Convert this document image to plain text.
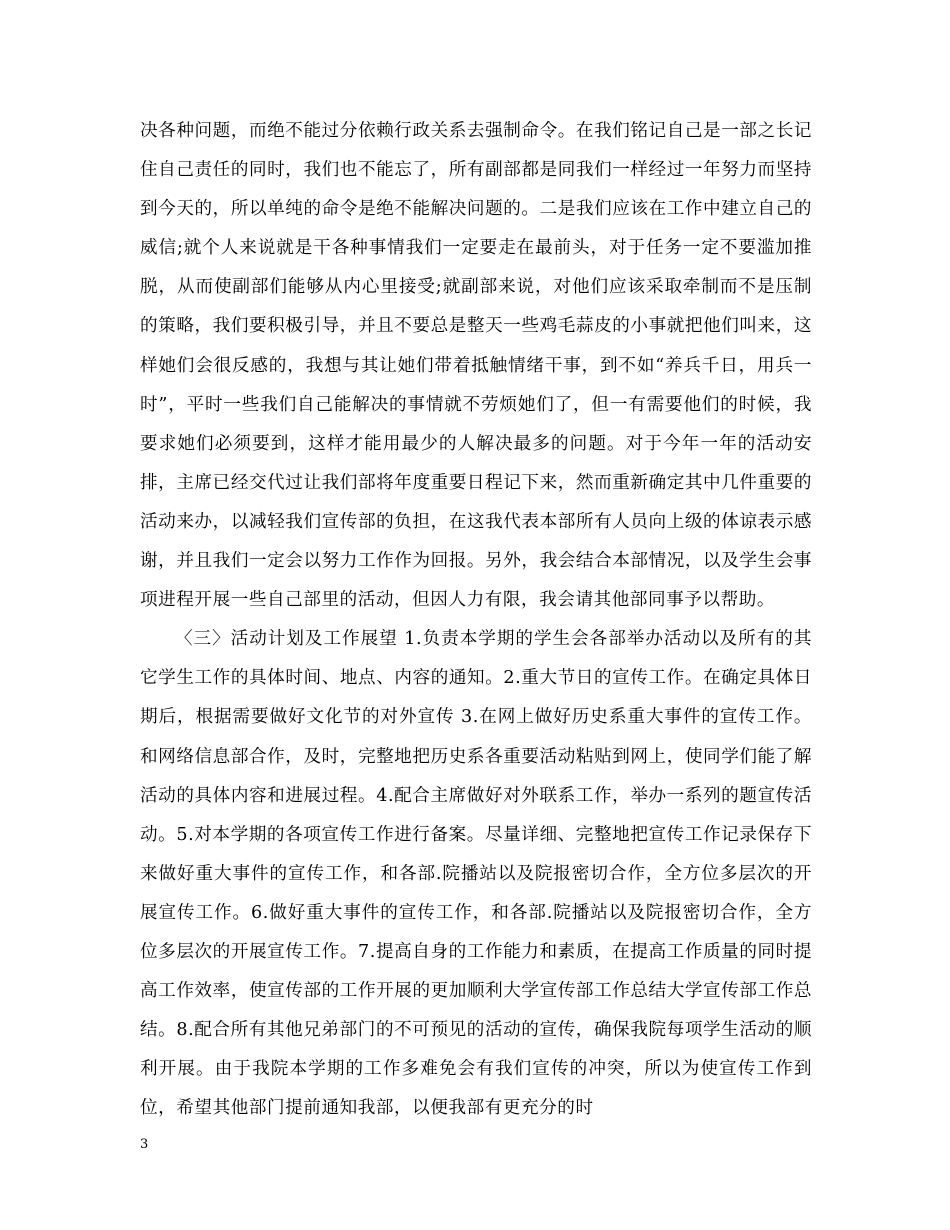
决各种问题，而绝不能过分依赖行政关系去强制命令。在我们铭记自己是一部之长记住自己责任的同时，我们也不能忘了，所有副部都是同我们一样经过一年努力而坚持到今天的，所以单纯的命令是绝不能解决问题的。二是我们应该在工作中建立自己的威信;就个人来说就是干各种事情我们一定要走在最前头，对于任务一定不要滥加推脱，从而使副部们能够从内心里接受;就副部来说，对他们应该采取牵制而不是压制的策略，我们要积极引导，并且不要总是整天一些鸡毛蒜皮的小事就把他们叫来，这样她们会很反感的，我想与其让她们带着抵触情绪干事，到不如“养兵千日，用兵一时”，平时一些我们自己能解决的事情就不劳烦她们了，但一有需要他们的时候，我要求她们必须要到，这样才能用最少的人解决最多的问题。对于今年一年的活动安排，主席已经交代过让我们部将年度重要日程记下来，然而重新确定其中几件重要的活动来办，以减轻我们宣传部的负担，在这我代表本部所有人员向上级的体谅表示感谢，并且我们一定会以努力工作作为回报。另外，我会结合本部情况，以及学生会事项进程开展一些自己部里的活动，但因人力有限，我会请其他部同事予以帮助。

〈三〉活动计划及工作展望 1.负责本学期的学生会各部举办活动以及所有的其它学生工作的具体时间、地点、内容的通知。2.重大节日的宣传工作。在确定具体日期后，根据需要做好文化节的对外宣传 3.在网上做好历史系重大事件的宣传工作。和网络信息部合作，及时，完整地把历史系各重要活动粘贴到网上，使同学们能了解活动的具体内容和进展过程。4.配合主席做好对外联系工作，举办一系列的题宣传活动。5.对本学期的各项宣传工作进行备案。尽量详细、完整地把宣传工作记录保存下来做好重大事件的宣传工作，和各部.院播站以及院报密切合作，全方位多层次的开展宣传工作。6.做好重大事件的宣传工作，和各部.院播站以及院报密切合作，全方位多层次的开展宣传工作。7.提高自身的工作能力和素质，在提高工作质量的同时提高工作效率，使宣传部的工作开展的更加顺利大学宣传部工作总结大学宣传部工作总结。8.配合所有其他兄弟部门的不可预见的活动的宣传，确保我院每项学生活动的顺利开展。由于我院本学期的工作多难免会有我们宣传的冲突，所以为使宣传工作到位，希望其他部门提前通知我部，以便我部有更充分的时

3
